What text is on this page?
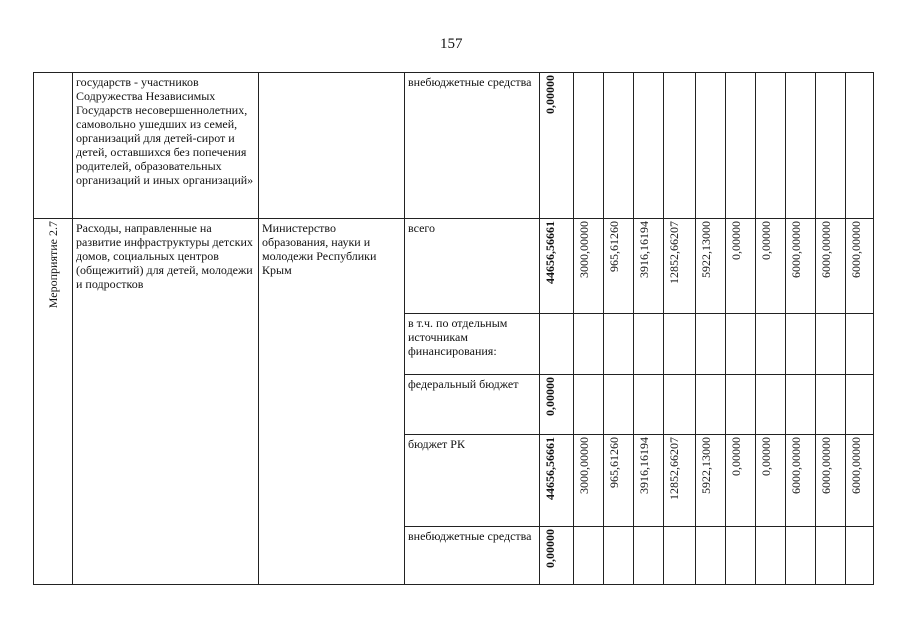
157
	государств - участников Содружества Независимых Государств несовершеннолетних, самовольно ушедших из семей, организаций для детей-сирот и детей, оставшихся без попечения родителей, образовательных организаций и иных организаций»		внебюджетные средства	0,00000										

Мероприятие 2.7	Расходы, направленные на развитие инфраструктуры детских домов, социальных центров (общежитий) для детей, молодежи и подростков	Министерство образования, науки и молодежи Республики Крым	всего	44656,56661	3000,00000	965,61260	3916,16194	12852,66207	5922,13000	0,00000	0,00000	6000,00000	6000,00000	6000,00000

			в т.ч. по отдельным источникам финансирования:											
			федеральный бюджет	0,00000										

			бюджет РК	44656,56661	3000,00000	965,61260	3916,16194	12852,66207	5922,13000	0,00000	0,00000	6000,00000	6000,00000	6000,00000

			внебюджетные средства	0,00000										
